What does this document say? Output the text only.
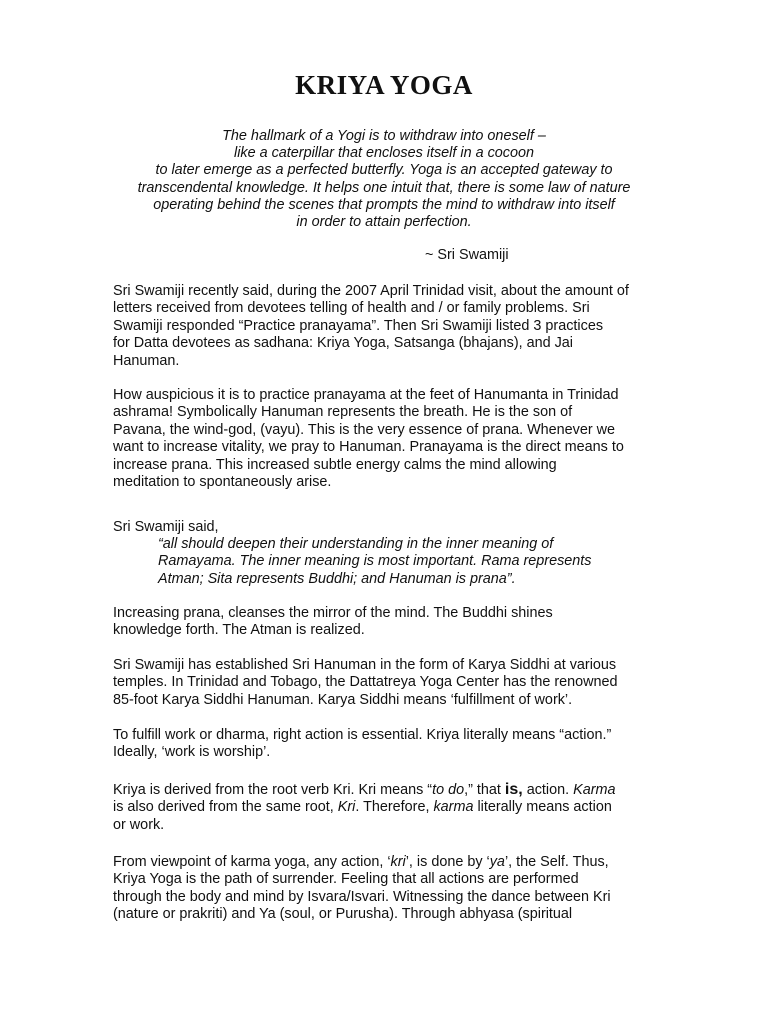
KRIYA YOGA
The hallmark of a Yogi is to withdraw into oneself –
like a caterpillar that encloses itself in a cocoon
to later emerge as a perfected butterfly. Yoga is an accepted gateway to
transcendental knowledge. It helps one intuit that, there is some law of nature
operating behind the scenes that prompts the mind to withdraw into itself
in order to attain perfection.
~ Sri Swamiji
Sri Swamiji recently said, during the 2007 April Trinidad visit, about the amount of
letters received from devotees telling of health and / or family problems. Sri
Swamiji responded “Practice pranayama”. Then Sri Swamiji listed 3 practices
for Datta devotees as sadhana: Kriya Yoga, Satsanga (bhajans), and Jai
Hanuman.
How auspicious it is to practice pranayama at the feet of Hanumanta in Trinidad
ashrama! Symbolically Hanuman represents the breath. He is the son of
Pavana, the wind-god, (vayu). This is the very essence of prana. Whenever we
want to increase vitality, we pray to Hanuman. Pranayama is the direct means to
increase prana. This increased subtle energy calms the mind allowing
meditation to spontaneously arise.
Sri Swamiji said,
“all should deepen their understanding in the inner meaning of
Ramayama. The inner meaning is most important. Rama represents
Atman; Sita represents Buddhi; and Hanuman is prana”.
Increasing prana, cleanses the mirror of the mind. The Buddhi shines
knowledge forth. The Atman is realized.
Sri Swamiji has established Sri Hanuman in the form of Karya Siddhi at various
temples. In Trinidad and Tobago, the Dattatreya Yoga Center has the renowned
85-foot Karya Siddhi Hanuman. Karya Siddhi means ‘fulfillment of work’.
To fulfill work or dharma, right action is essential. Kriya literally means “action.”
Ideally, ‘work is worship’.
Kriya is derived from the root verb Kri. Kri means “to do,” that is, action. Karma
is also derived from the same root, Kri. Therefore, karma literally means action
or work.
From viewpoint of karma yoga, any action, ‘kri’, is done by ‘ya’, the Self. Thus,
Kriya Yoga is the path of surrender. Feeling that all actions are performed
through the body and mind by Isvara/Isvari. Witnessing the dance between Kri
(nature or prakriti) and Ya (soul, or Purusha). Through abhyasa (spiritual
